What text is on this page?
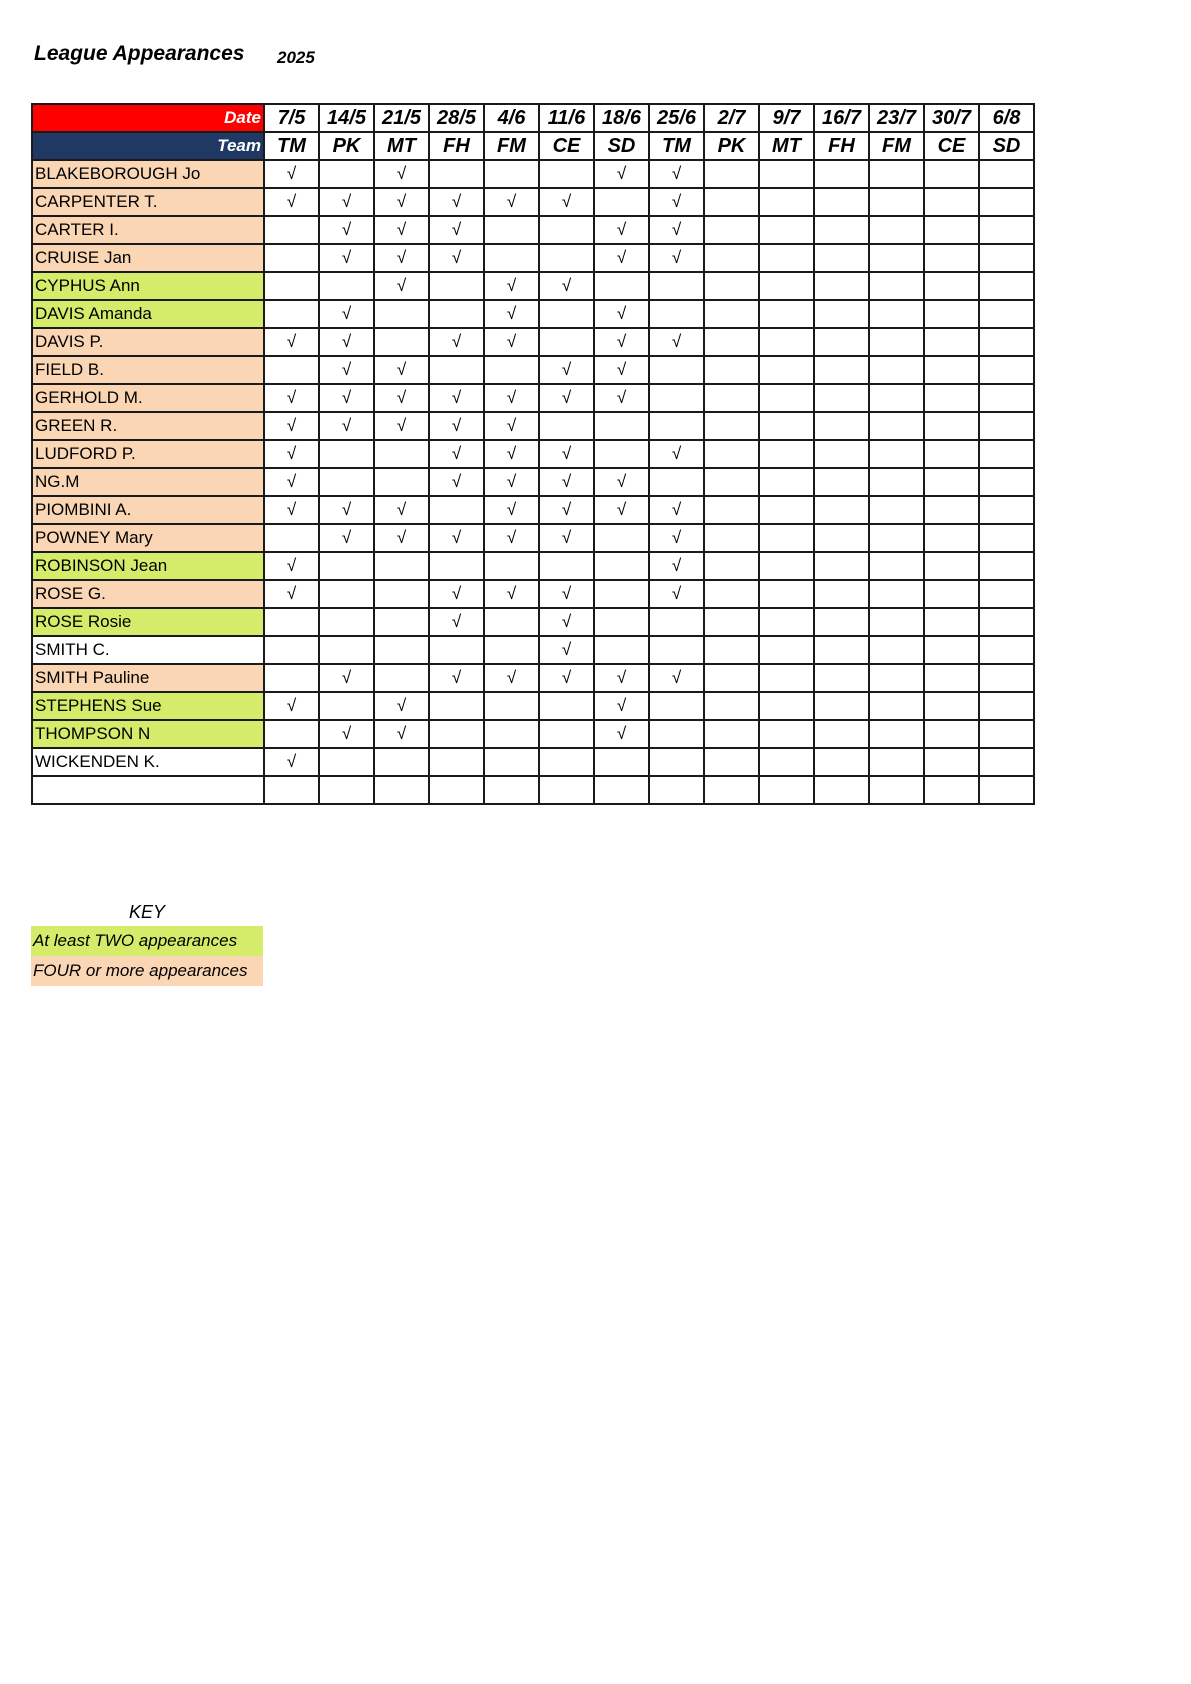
League Appearances 2025
Date	7/5	14/5	21/5	28/5	4/6	11/6	18/6	25/6	2/7	9/7	16/7	23/7	30/7	6/8
Team	TM	PK	MT	FH	FM	CE	SD	TM	PK	MT	FH	FM	CE	SD
BLAKEBOROUGH Jo	√		√				√	√						
CARPENTER T.	√	√	√	√	√	√		√						
CARTER I.		√	√	√			√	√						
CRUISE Jan		√	√	√			√	√						
CYPHUS Ann			√		√	√								
DAVIS Amanda		√			√		√							
DAVIS P.	√	√		√	√		√	√						
FIELD B.		√	√			√	√							
GERHOLD M.	√	√	√	√	√	√	√							
GREEN R.	√	√	√	√	√									
LUDFORD P.	√			√	√	√		√						
NG.M	√			√	√	√	√							
PIOMBINI A.	√	√	√		√	√	√	√						
POWNEY Mary		√	√	√	√	√		√						
ROBINSON Jean	√							√						
ROSE G.	√			√	√	√		√						
ROSE Rosie				√		√								
SMITH C.						√								
SMITH Pauline		√		√	√	√	√	√						
STEPHENS Sue	√		√				√							
THOMPSON N		√	√				√							
WICKENDEN K.	√													

KEY
At least TWO appearances
FOUR or more appearances
